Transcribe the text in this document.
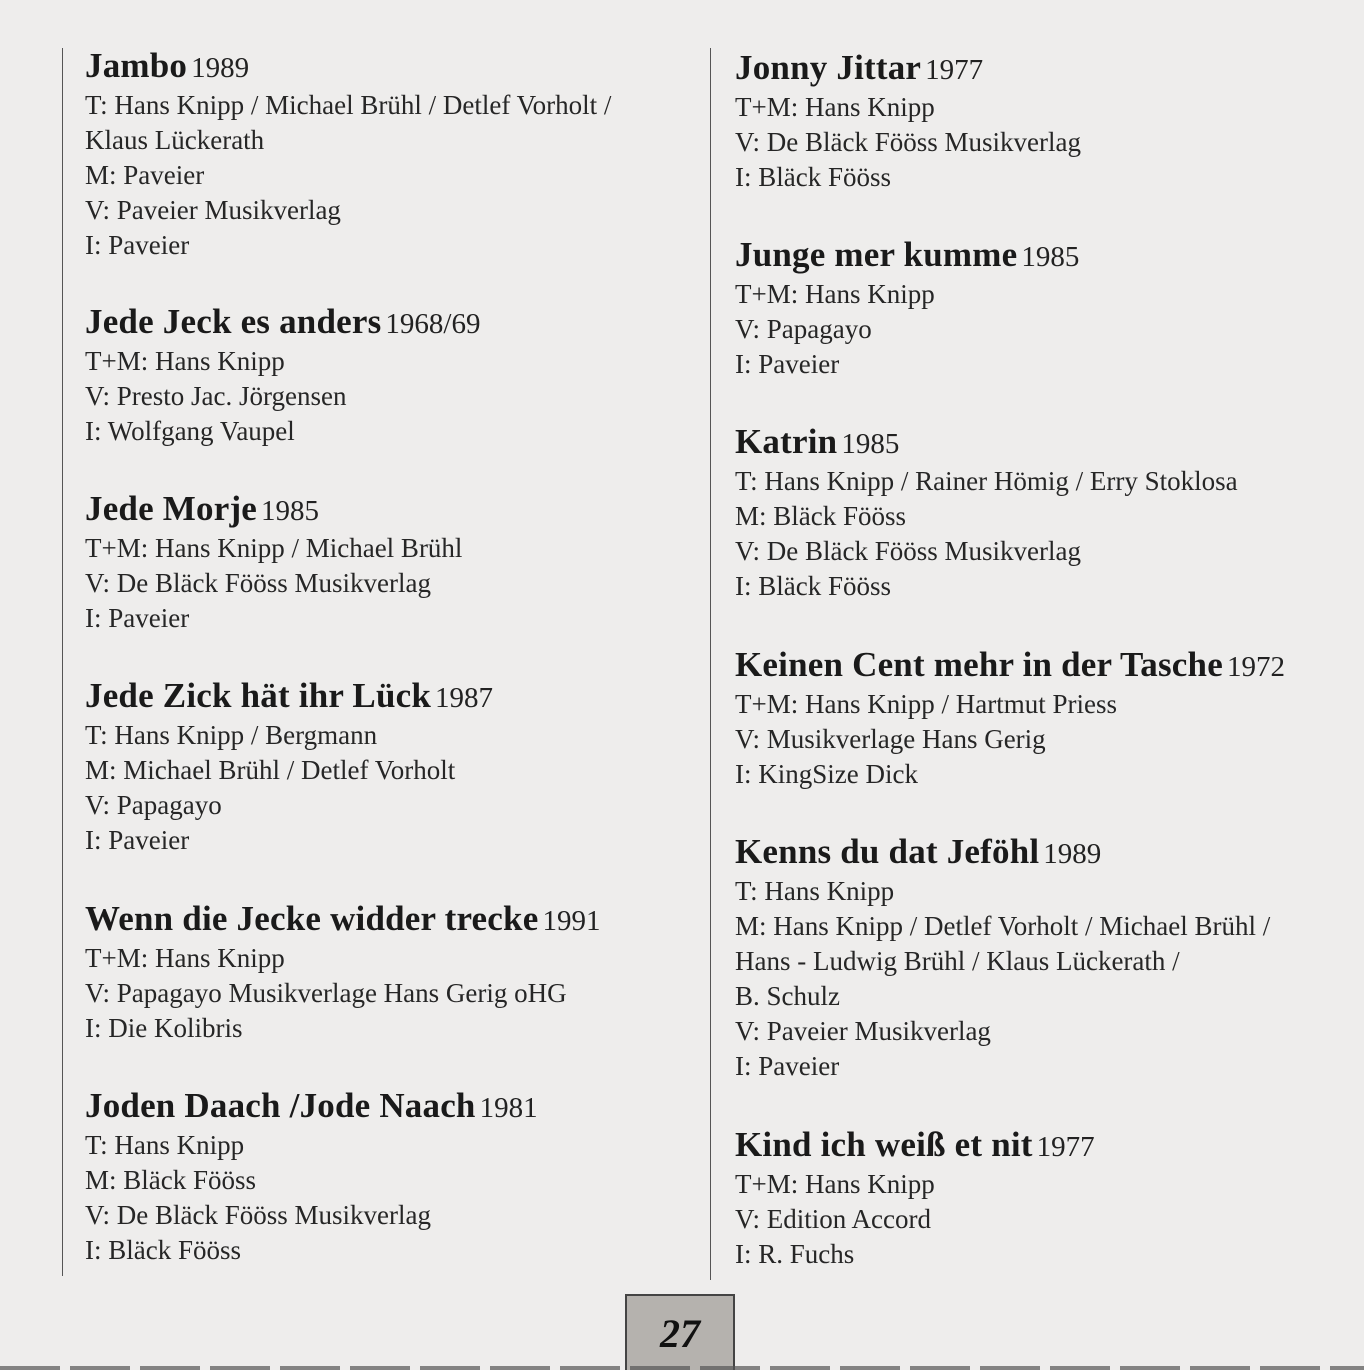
Jambo 1989
T: Hans Knipp / Michael Brühl / Detlef Vorholt /
Klaus Lückerath
M: Paveier
V: Paveier Musikverlag
I: Paveier
Jede Jeck es anders 1968/69
T+M: Hans Knipp
V: Presto Jac. Jörgensen
I: Wolfgang Vaupel
Jede Morje 1985
T+M: Hans Knipp / Michael Brühl
V: De Bläck Fööss Musikverlag
I: Paveier
Jede Zick hät ihr Lück 1987
T: Hans Knipp / Bergmann
M: Michael Brühl / Detlef Vorholt
V: Papagayo
I: Paveier
Wenn die Jecke widder trecke 1991
T+M: Hans Knipp
V: Papagayo Musikverlage Hans Gerig oHG
I: Die Kolibris
Joden Daach /Jode Naach 1981
T: Hans Knipp
M: Bläck Fööss
V: De Bläck Fööss Musikverlag
I: Bläck Fööss
Jonny Jittar 1977
T+M: Hans Knipp
V: De Bläck Fööss Musikverlag
I: Bläck Fööss
Junge mer kumme 1985
T+M: Hans Knipp
V: Papagayo
I: Paveier
Katrin 1985
T: Hans Knipp / Rainer Hömig / Erry Stoklosa
M: Bläck Fööss
V: De Bläck Fööss Musikverlag
I: Bläck Fööss
Keinen Cent mehr in der Tasche 1972
T+M: Hans Knipp / Hartmut Priess
V: Musikverlage Hans Gerig
I: KingSize Dick
Kenns du dat Jeföhl 1989
T: Hans Knipp
M: Hans Knipp / Detlef Vorholt / Michael Brühl /
Hans - Ludwig Brühl / Klaus Lückerath /
B. Schulz
V: Paveier Musikverlag
I: Paveier
Kind ich weiß et nit 1977
T+M: Hans Knipp
V: Edition Accord
I: R. Fuchs
27
